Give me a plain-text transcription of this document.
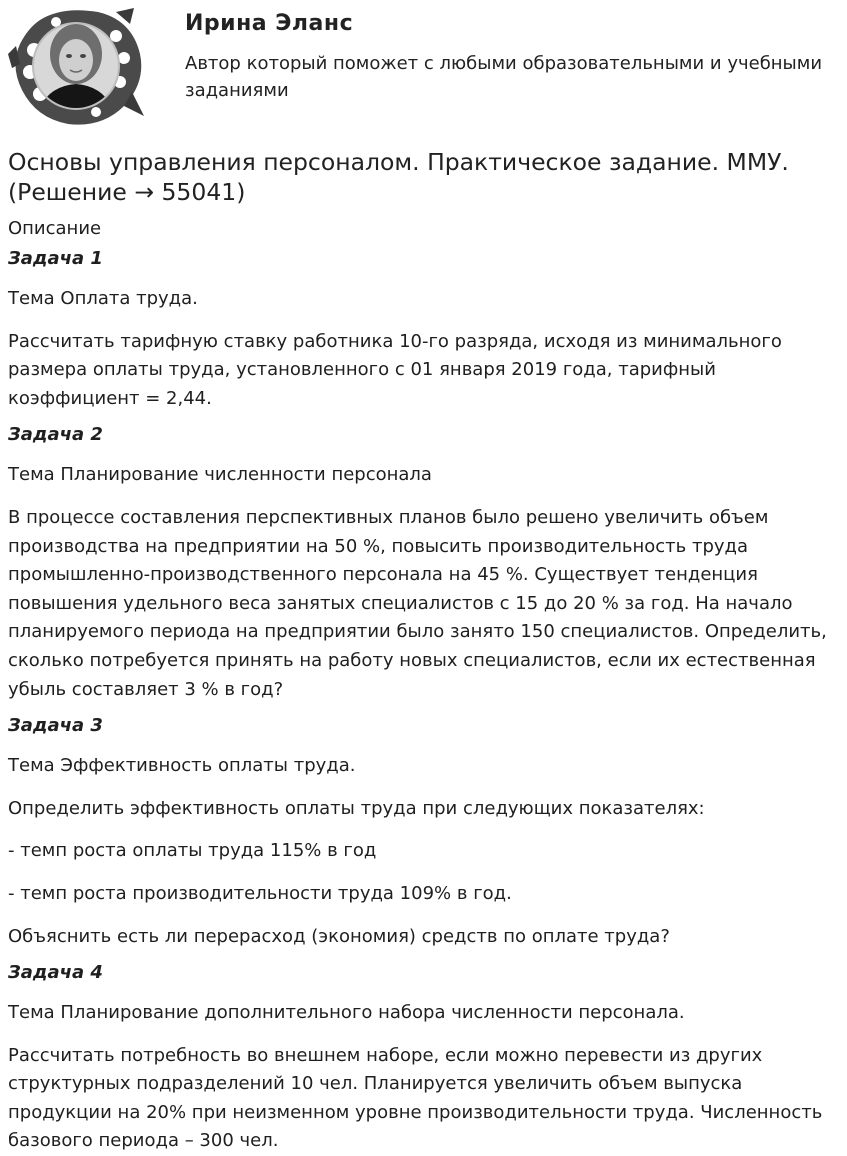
Ирина Эланс
Автор который поможет с любыми образовательными и учебными заданиями
Основы управления персоналом. Практическое задание. ММУ. (Решение → 55041)
Описание
Задача 1

Тема Оплата труда.

Рассчитать тарифную ставку работника 10-го разряда, исходя из минимального размера оплаты труда, установленного с 01 января 2019 года, тарифный коэффициент = 2,44.

Задача 2

Тема Планирование численности персонала

В процессе составления перспективных планов было решено увеличить объем производства на предприятии на 50 %, повысить производительность труда промышленно-производственного персонала на 45 %. Существует тенденция повышения удельного веса занятых специалистов с 15 до 20 % за год. На начало планируемого периода на предприятии было занято 150 специалистов. Определить, сколько потребуется принять на работу новых специалистов, если их естественная убыль составляет 3 % в год?

Задача 3

Тема Эффективность оплаты труда.

Определить эффективность оплаты труда при следующих показателях:

- темп роста оплаты труда 115% в год

- темп роста производительности труда 109% в год.

Объяснить есть ли перерасход (экономия) средств по оплате труда?

Задача 4

Тема Планирование дополнительного набора численности персонала.

Рассчитать потребность во внешнем наборе, если можно перевести из других структурных подразделений 10 чел. Планируется увеличить объем выпуска продукции на 20% при неизменном уровне производительности труда. Численность базового периода – 300 чел.
